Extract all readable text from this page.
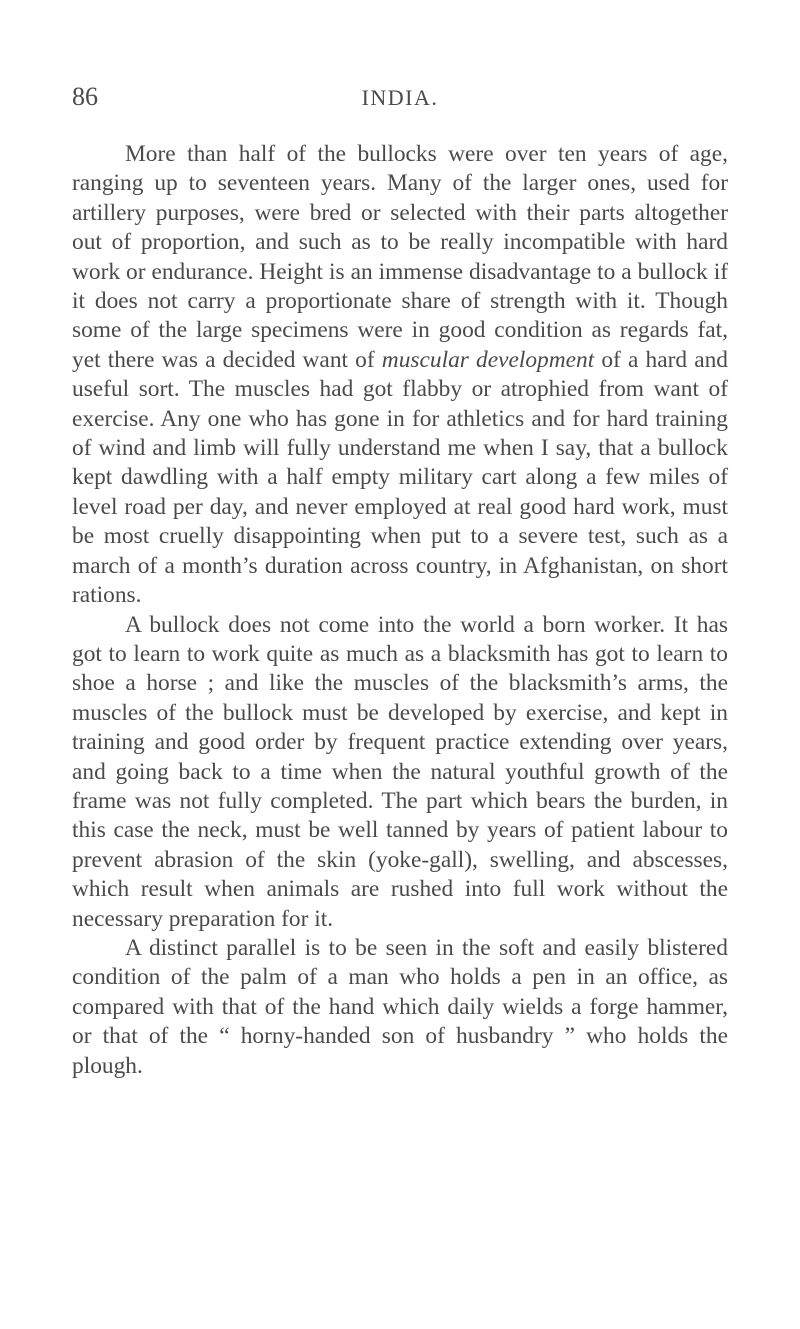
86	INDIA.

More than half of the bullocks were over ten years of age, ranging up to seventeen years. Many of the larger ones, used for artillery purposes, were bred or selected with their parts altogether out of proportion, and such as to be really incompatible with hard work or endurance. Height is an immense disadvantage to a bullock if it does not carry a proportionate share of strength with it. Though some of the large specimens were in good condition as regards fat, yet there was a decided want of muscular development of a hard and useful sort. The muscles had got flabby or atrophied from want of exercise. Any one who has gone in for athletics and for hard training of wind and limb will fully understand me when I say, that a bullock kept dawdling with a half empty military cart along a few miles of level road per day, and never employed at real good hard work, must be most cruelly disappointing when put to a severe test, such as a march of a month’s duration across country, in Afghanistan, on short rations.

A bullock does not come into the world a born worker. It has got to learn to work quite as much as a blacksmith has got to learn to shoe a horse ; and like the muscles of the blacksmith’s arms, the muscles of the bullock must be developed by exercise, and kept in training and good order by frequent practice extending over years, and going back to a time when the natural youthful growth of the frame was not fully completed. The part which bears the burden, in this case the neck, must be well tanned by years of patient labour to prevent abrasion of the skin (yoke-gall), swelling, and abscesses, which result when animals are rushed into full work without the necessary preparation for it.

A distinct parallel is to be seen in the soft and easily blistered condition of the palm of a man who holds a pen in an office, as compared with that of the hand which daily wields a forge hammer, or that of the “ horny-handed son of husbandry ” who holds the plough.
